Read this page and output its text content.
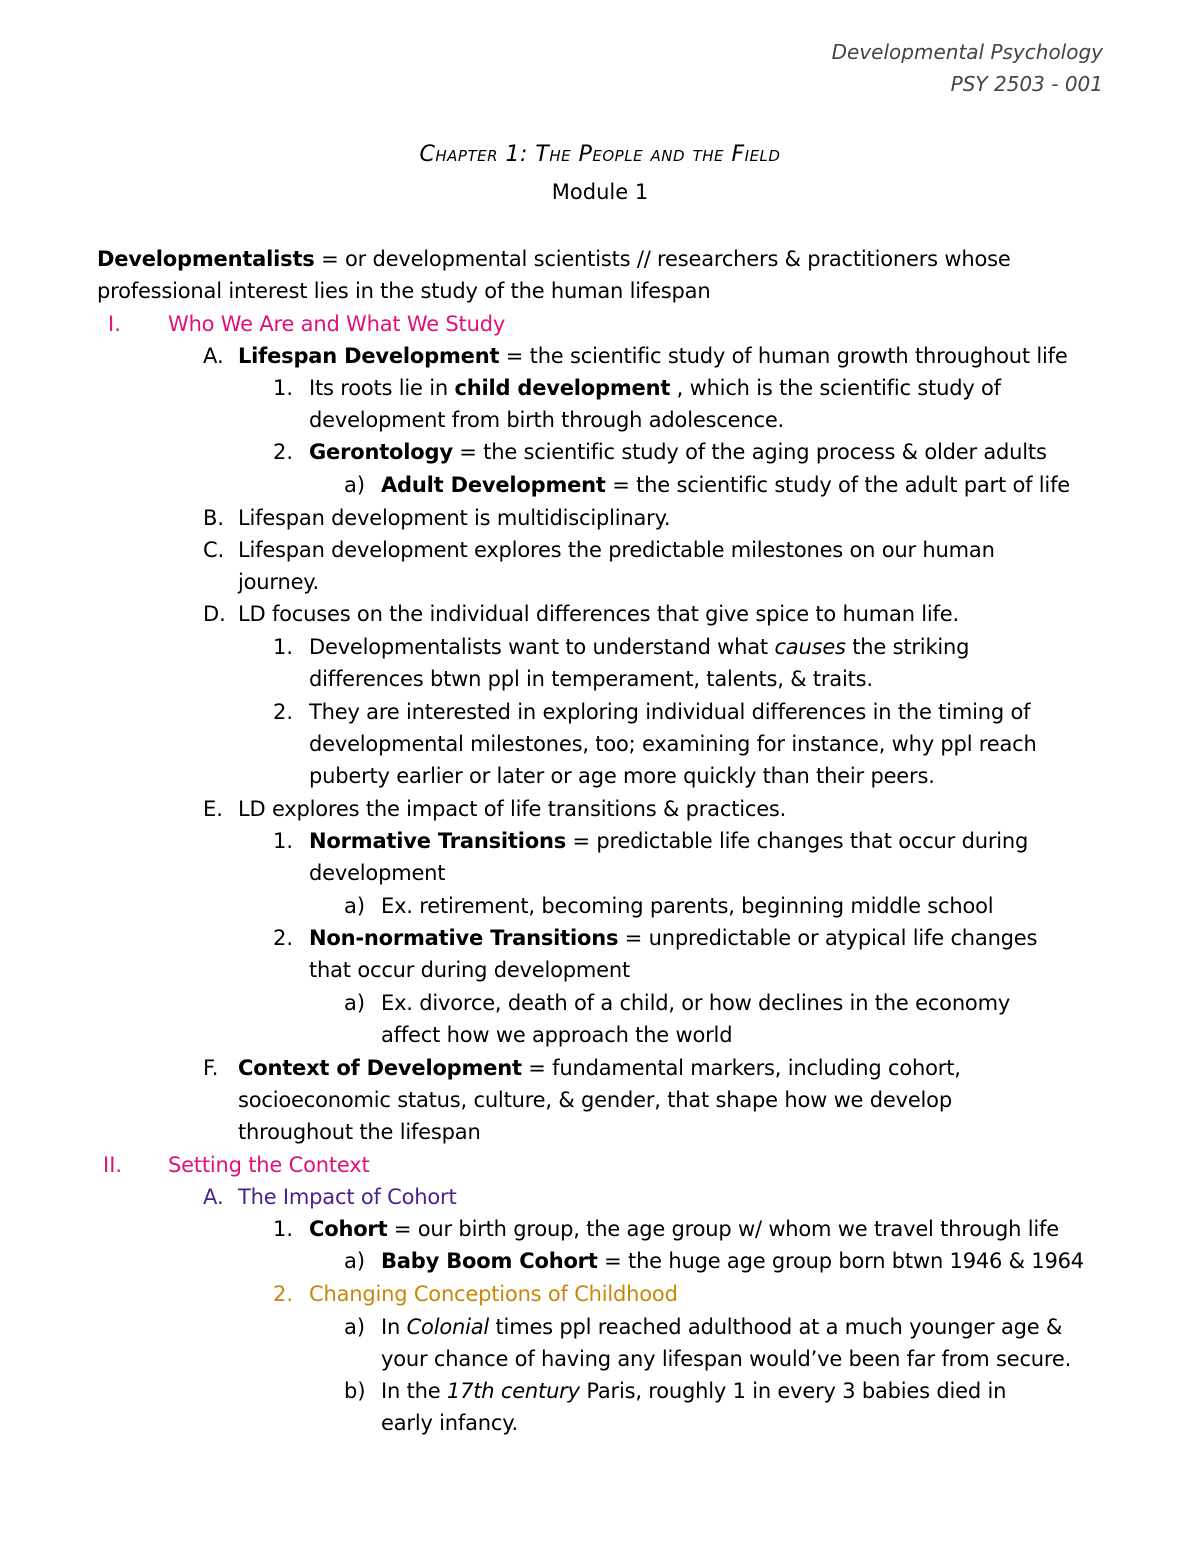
Developmental Psychology
PSY 2503 - 001
Chapter 1: The People and the Field
Module 1
Developmentalists = or developmental scientists // researchers & practitioners whose
professional interest lies in the study of the human lifespan
I. Who We Are and What We Study
A. Lifespan Development = the scientific study of human growth throughout life
1. Its roots lie in child development , which is the scientific study of
development from birth through adolescence.
2. Gerontology = the scientific study of the aging process & older adults
a) Adult Development = the scientific study of the adult part of life
B. Lifespan development is multidisciplinary.
C. Lifespan development explores the predictable milestones on our human
journey.
D. LD focuses on the individual differences that give spice to human life.
1. Developmentalists want to understand what causes the striking
differences btwn ppl in temperament, talents, & traits.
2. They are interested in exploring individual differences in the timing of
developmental milestones, too; examining for instance, why ppl reach
puberty earlier or later or age more quickly than their peers.
E. LD explores the impact of life transitions & practices.
1. Normative Transitions = predictable life changes that occur during
development
a) Ex. retirement, becoming parents, beginning middle school
2. Non-normative Transitions = unpredictable or atypical life changes
that occur during development
a) Ex. divorce, death of a child, or how declines in the economy
affect how we approach the world
F. Context of Development = fundamental markers, including cohort,
socioeconomic status, culture, & gender, that shape how we develop
throughout the lifespan
II. Setting the Context
A. The Impact of Cohort
1. Cohort = our birth group, the age group w/ whom we travel through life
a) Baby Boom Cohort = the huge age group born btwn 1946 & 1964
2. Changing Conceptions of Childhood
a) In Colonial times ppl reached adulthood at a much younger age &
your chance of having any lifespan would’ve been far from secure.
b) In the 17th century Paris, roughly 1 in every 3 babies died in
early infancy.
